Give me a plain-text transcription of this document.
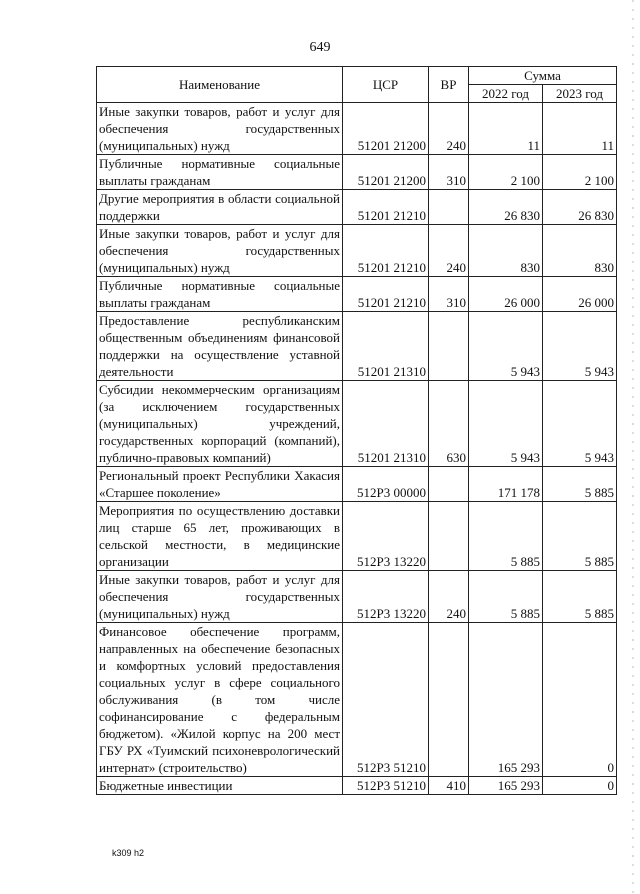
649
Наименование	ЦСР	ВР	Сумма	
			2022 год	2023 год
Иные закупки товаров, работ и услуг для обеспечения государственных (муниципальных) нужд	51201 21200	240	11	11
Публичные нормативные социальные выплаты гражданам	51201 21200	310	2 100	2 100
Другие мероприятия в области социальной поддержки	51201 21210		26 830	26 830
Иные закупки товаров, работ и услуг для обеспечения государственных (муниципальных) нужд	51201 21210	240	830	830
Публичные нормативные социальные выплаты гражданам	51201 21210	310	26 000	26 000
Предоставление республиканским общественным объединениям финансовой поддержки на осуществление уставной деятельности	51201 21310		5 943	5 943
Субсидии некоммерческим организациям (за исключением государственных (муниципальных) учреждений, государственных корпораций (компаний), публично-правовых компаний)	51201 21310	630	5 943	5 943
Региональный проект Республики Хакасия «Старшее поколение»	512P3 00000		171 178	5 885
Мероприятия по осуществлению доставки лиц старше 65 лет, проживающих в сельской местности, в медицинские организации	512P3 13220		5 885	5 885
Иные закупки товаров, работ и услуг для обеспечения государственных (муниципальных) нужд	512P3 13220	240	5 885	5 885
Финансовое обеспечение программ, направленных на обеспечение безопасных и комфортных условий предоставления социальных услуг в сфере социального обслуживания (в том числе софинансирование с федеральным бюджетом). «Жилой корпус на 200 мест ГБУ РХ «Туимский психоневрологический интернат» (строительство)	512P3 51210		165 293	0
Бюджетные инвестиции	512P3 51210	410	165 293	0
k309 h2
